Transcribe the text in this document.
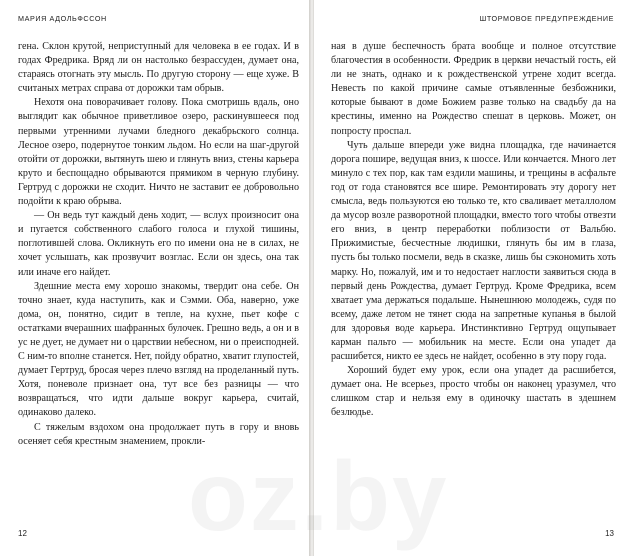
МАРИЯ АДОЛЬФССОН

гена. Склон крутой, неприступный для человека в ее годах. И в годах Фредрика. Вряд ли он настолько безрассуден, думает она, стараясь отогнать эту мысль. По другую сторону — еще хуже. В считаных метрах справа от дорожки там обрыв.

Нехотя она поворачивает голову. Пока смотришь вдаль, оно выглядит как обычное приветливое озеро, раскинувшееся под первыми утренними лучами бледного декабрьского солнца. Лесное озеро, подернутое тонким льдом. Но если на шаг-другой отойти от дорожки, вытянуть шею и глянуть вниз, стены карьера круто и беспощадно обрываются прямиком в черную глубину. Гертруд с дорожки не сходит. Ничто не заставит ее добровольно подойти к краю обрыва.

— Он ведь тут каждый день ходит, — вслух произносит она и пугается собственного слабого голоса и глухой тишины, поглотившей слова. Окликнуть его по имени она не в силах, не хочет услышать, как прозвучит возглас. Если он здесь, она так или иначе его найдет.

Здешние места ему хорошо знакомы, твердит она себе. Он точно знает, куда наступить, как и Сэмми. Оба, наверно, уже дома, он, понятно, сидит в тепле, на кухне, пьет кофе с остатками вчерашних шафранных булочек. Грешно ведь, а он и в ус не дует, не думает ни о царствии небесном, ни о преисподней. С ним-то вполне станется. Нет, пойду обратно, хватит глупостей, думает Гертруд, бросая через плечо взгляд на проделанный путь. Хотя, поневоле признает она, тут все без разницы — что возвращаться, что идти дальше вокруг карьера, считай, одинаково далеко.

С тяжелым вздохом она продолжает путь в гору и вновь осеняет себя крестным знамением, прокли-

12
ШТОРМОВОЕ ПРЕДУПРЕЖДЕНИЕ

ная в душе беспечность брата вообще и полное отсутствие благочестия в особенности. Фредрик в церкви нечастый гость, ей ли не знать, однако и к рождественской утрене ходит всегда. Невесть по какой причине самые отъявленные безбожники, которые бывают в доме Божием разве только на свадьбу да на крестины, именно на Рождество спешат в церковь. Может, он попросту проспал.

Чуть дальше впереди уже видна площадка, где начинается дорога пошире, ведущая вниз, к шоссе. Или кончается. Много лет минуло с тех пор, как там ездили машины, и трещины в асфальте год от года становятся все шире. Ремонтировать эту дорогу нет смысла, ведь пользуются ею только те, кто сваливает металлолом да мусор возле разворотной площадки, вместо того чтобы отвезти его вниз, в центр переработки поблизости от Вальбю. Прижимистые, бесчестные людишки, глянуть бы им в глаза, пусть бы только посмели, ведь в сказке, лишь бы сэкономить хоть марку. Но, пожалуй, им и то недостает наглости заявиться сюда в первый день Рождества, думает Гертруд. Кроме Фредрика, всем хватает ума держаться подальше. Нынешнюю молодежь, судя по всему, даже летом не тянет сюда на запретные купанья в былой для здоровья воде карьера. Инстинктивно Гертруд ощупывает карман пальто — мобильник на месте. Если она упадет да расшибется, никто ее здесь не найдет, особенно в эту пору года.

Хороший будет ему урок, если она упадет да расшибется, думает она. Не всерьез, просто чтобы он наконец уразумел, что слишком стар и нельзя ему в одиночку шастать в здешнем безлюдье.

13
